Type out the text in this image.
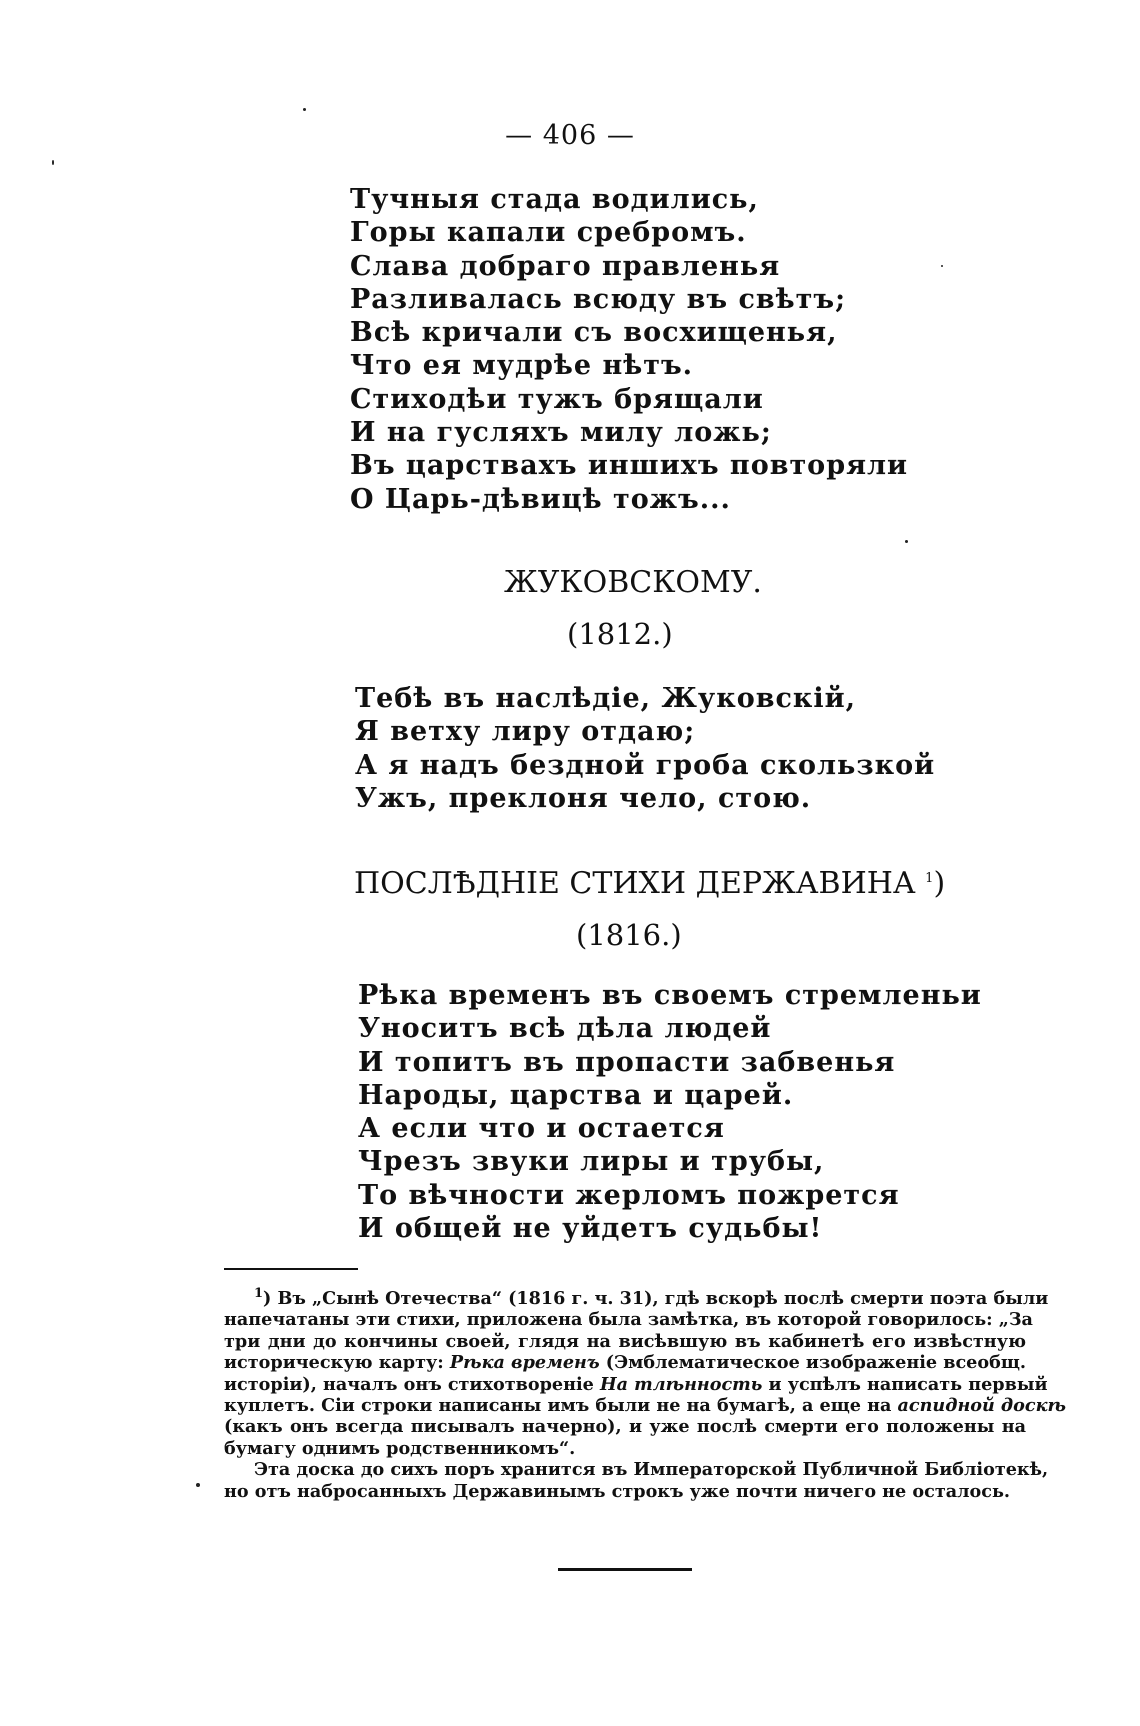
— 406 —
Тучныя стада водились,
Горы капали сребромъ.
Слава добраго правленья
Разливалась всюду въ свѣтъ;
Всѣ кричали съ восхищенья,
Что ея мудрѣе нѣтъ.
Стиходѣи тужъ брящали
И на гусляхъ милу ложь;
Въ царствахъ иншихъ повторяли
О Царь-дѣвицѣ тожъ...
ЖУКОВСКОМУ.
(1812.)
Тебѣ въ наслѣдіе, Жуковскій,
Я ветху лиру отдаю;
А я надъ бездной гроба скользкой
Ужъ, преклоня чело, стою.
ПОСЛѢДНІЕ СТИХИ ДЕРЖАВИНА $^1$)
(1816.)
Рѣка временъ въ своемъ стремленьи
Уноситъ всѣ дѣла людей
И топитъ въ пропасти забвенья
Народы, царства и царей.
А если что и остается
Чрезъ звуки лиры и трубы,
То вѣчности жерломъ пожрется
И общей не уйдетъ судьбы!
$^1$) Въ „Сынѣ Отечества“ (1816 г. ч. 31), гдѣ вскорѣ послѣ смерти поэта были
напечатаны эти стихи, приложена была замѣтка, въ которой говорилось: „За
три дни до кончины своей, глядя на висѣвшую въ кабинетѣ его извѣстную
историческую карту: Рѣка временъ (Эмблематическое изображеніе всеобщ.
исторіи), началъ онъ стихотвореніе На тлѣнность и успѣлъ написать первый
куплетъ. Сіи строки написаны имъ были не на бумагѣ, а еще на аспидной доскѣ
(какъ онъ всегда писывалъ начерно), и уже послѣ смерти его положены на
бумагу однимъ родственникомъ“.
Эта доска до сихъ поръ хранится въ Императорской Публичной Библіотекѣ,
но отъ набросанныхъ Державинымъ строкъ уже почти ничего не осталось.
